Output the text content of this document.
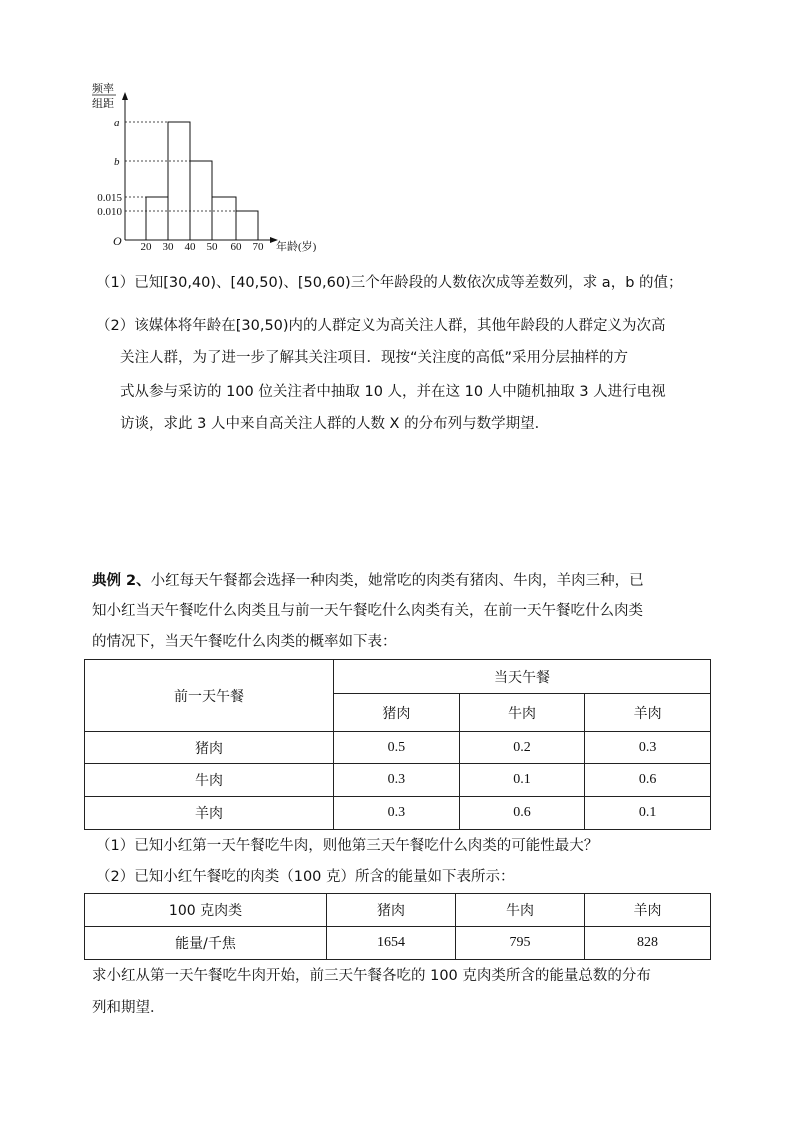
频率
组距
a
b
0.015
0.010
O 20 30 40 50 60 70 年龄(岁)
（1）已知[30,40)、[40,50)、[50,60)三个年龄段的人数依次成等差数列，求 a，b 的值；
（2）该媒体将年龄在[30,50)内的人群定义为高关注人群，其他年龄段的人群定义为次高
关注人群，为了进一步了解其关注项目．现按“关注度的高低”采用分层抽样的方
式从参与采访的 100 位关注者中抽取 10 人，并在这 10 人中随机抽取 3 人进行电视
访谈，求此 3 人中来自高关注人群的人数 X 的分布列与数学期望．
典例 2、小红每天午餐都会选择一种肉类，她常吃的肉类有猪肉、牛肉，羊肉三种，已
知小红当天午餐吃什么肉类且与前一天午餐吃什么肉类有关，在前一天午餐吃什么肉类
的情况下，当天午餐吃什么肉类的概率如下表：
前一天午餐	当天午餐		
	猪肉	牛肉	羊肉
猪肉	0.5	0.2	0.3
牛肉	0.3	0.1	0.6
羊肉	0.3	0.6	0.1
（1）已知小红第一天午餐吃牛肉，则他第三天午餐吃什么肉类的可能性最大？
（2）已知小红午餐吃的肉类（100 克）所含的能量如下表所示：
100 克肉类	猪肉	牛肉	羊肉
能量/千焦	1654	795	828
求小红从第一天午餐吃牛肉开始，前三天午餐各吃的 100 克肉类所含的能量总数的分布
列和期望．
